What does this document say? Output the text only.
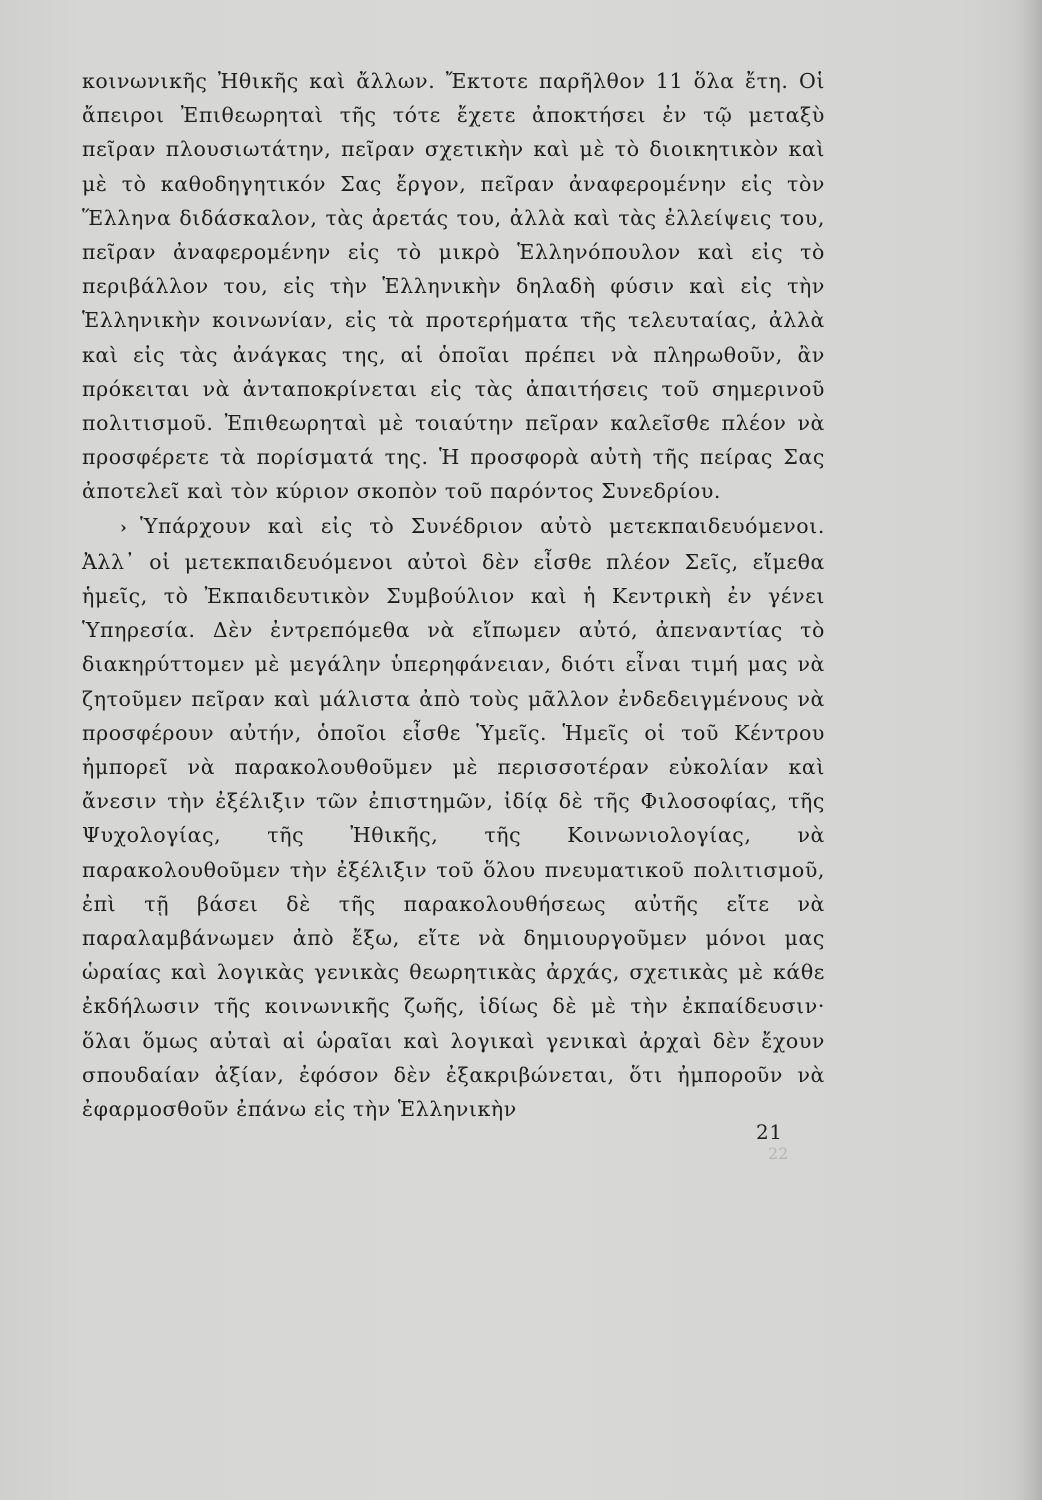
κοινωνικῆς Ἠθικῆς καὶ ἄλλων. Ἔκτοτε παρῆλθον 11 ὅλα ἔτη. Οἱ ἄπειροι Ἐπιθεωρηταὶ τῆς τότε ἔχετε ἀποκτήσει ἐν τῷ μεταξὺ πεῖραν πλουσιωτάτην, πεῖραν σχετικὴν καὶ μὲ τὸ διοικητικὸν καὶ μὲ τὸ καθοδηγητικόν Σας ἔργον, πεῖραν ἀναφερομένην εἰς τὸν Ἕλληνα διδάσκαλον, τὰς ἀρετάς του, ἀλλὰ καὶ τὰς ἐλλείψεις του, πεῖραν ἀναφερομένην εἰς τὸ μικρὸ Ἑλληνόπουλον καὶ εἰς τὸ περιβάλλον του, εἰς τὴν Ἑλληνικὴν δηλαδὴ φύσιν καὶ εἰς τὴν Ἑλληνικὴν κοινωνίαν, εἰς τὰ προτερήματα τῆς τελευταίας, ἀλλὰ καὶ εἰς τὰς ἀνάγκας της, αἱ ὁποῖαι πρέπει νὰ πληρωθοῦν, ἂν πρόκειται νὰ ἀνταποκρίνεται εἰς τὰς ἀπαιτήσεις τοῦ σημερινοῦ πολιτισμοῦ. Ἐπιθεωρηταὶ μὲ τοιαύτην πεῖραν καλεῖσθε πλέον νὰ προσφέρετε τὰ πορίσματά της. Ἡ προσφορὰ αὐτὴ τῆς πείρας Σας ἀποτελεῖ καὶ τὸν κύριον σκοπὸν τοῦ παρόντος Συνεδρίου.

› Ὑπάρχουν καὶ εἰς τὸ Συνέδριον αὐτὸ μετεκπαιδευόμενοι. Ἀλλ᾽ οἱ μετεκπαιδευόμενοι αὐτοὶ δὲν εἶσθε πλέον Σεῖς, εἴμεθα ἡμεῖς, τὸ Ἐκπαιδευτικὸν Συμβούλιον καὶ ἡ Κεντρικὴ ἐν γένει Ὑπηρεσία. Δὲν ἐντρεπόμεθα νὰ εἴπωμεν αὐτό, ἀπεναντίας τὸ διακηρύττομεν μὲ μεγάλην ὑπερηφάνειαν, διότι εἶναι τιμή μας νὰ ζητοῦμεν πεῖραν καὶ μάλιστα ἀπὸ τοὺς μᾶλλον ἐνδεδειγμένους νὰ προσφέρουν αὐτήν, ὁποῖοι εἶσθε Ὑμεῖς. Ἡμεῖς οἱ τοῦ Κέντρου ἠμπορεῖ νὰ παρακολουθοῦμεν μὲ περισσοτέραν εὐκολίαν καὶ ἄνεσιν τὴν ἐξέλιξιν τῶν ἐπιστημῶν, ἰδίᾳ δὲ τῆς Φιλοσοφίας, τῆς Ψυχολογίας, τῆς Ἠθικῆς, τῆς Κοινωνιολογίας, νὰ παρακολουθοῦμεν τὴν ἐξέλιξιν τοῦ ὅλου πνευματικοῦ πολιτισμοῦ, ἐπὶ τῇ βάσει δὲ τῆς παρακολουθήσεως αὐτῆς εἴτε νὰ παραλαμβάνωμεν ἀπὸ ἔξω, εἴτε νὰ δημιουργοῦμεν μόνοι μας ὡραίας καὶ λογικὰς γενικὰς θεωρητικὰς ἀρχάς, σχετικὰς μὲ κάθε ἐκδήλωσιν τῆς κοινωνικῆς ζωῆς, ἰδίως δὲ μὲ τὴν ἐκπαίδευσιν· ὅλαι ὅμως αὐταὶ αἱ ὡραῖαι καὶ λογικαὶ γενικαὶ ἀρχαὶ δὲν ἔχουν σπουδαίαν ἀξίαν, ἐφόσον δὲν ἐξακριβώνεται, ὅτι ἠμποροῦν νὰ ἐφαρμοσθοῦν ἐπάνω εἰς τὴν Ἑλληνικὴν

21
22
